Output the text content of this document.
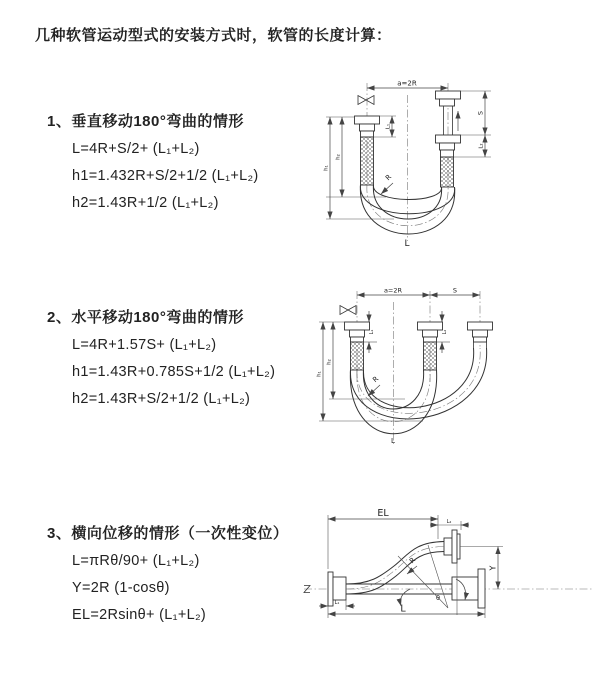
几种软管运动型式的安装方式时，软管的长度计算：
1、垂直移动180°弯曲的情形
L=4R+S/2+ (L₁+L₂)
h1=1.432R+S/2+1/2 (L₁+L₂)
h2=1.43R+1/2 (L₁+L₂)
2、水平移动180°弯曲的情形
L=4R+1.57S+ (L₁+L₂)
h1=1.43R+0.785S+1/2 (L₁+L₂)
h2=1.43R+S/2+1/2 (L₁+L₂)
3、横向位移的情形（一次性变位）
L=πRθ/90+ (L₁+L₂)
Y=2R (1-cosθ)
EL=2Rsinθ+ (L₁+L₂)
a=2R
L₁
S
L₂
h₁
h₂
R
L
a=2R	S
h₁
h₂
L₁	L₂
R
L
EL
L₂
Y
L
L₁
θ
R
